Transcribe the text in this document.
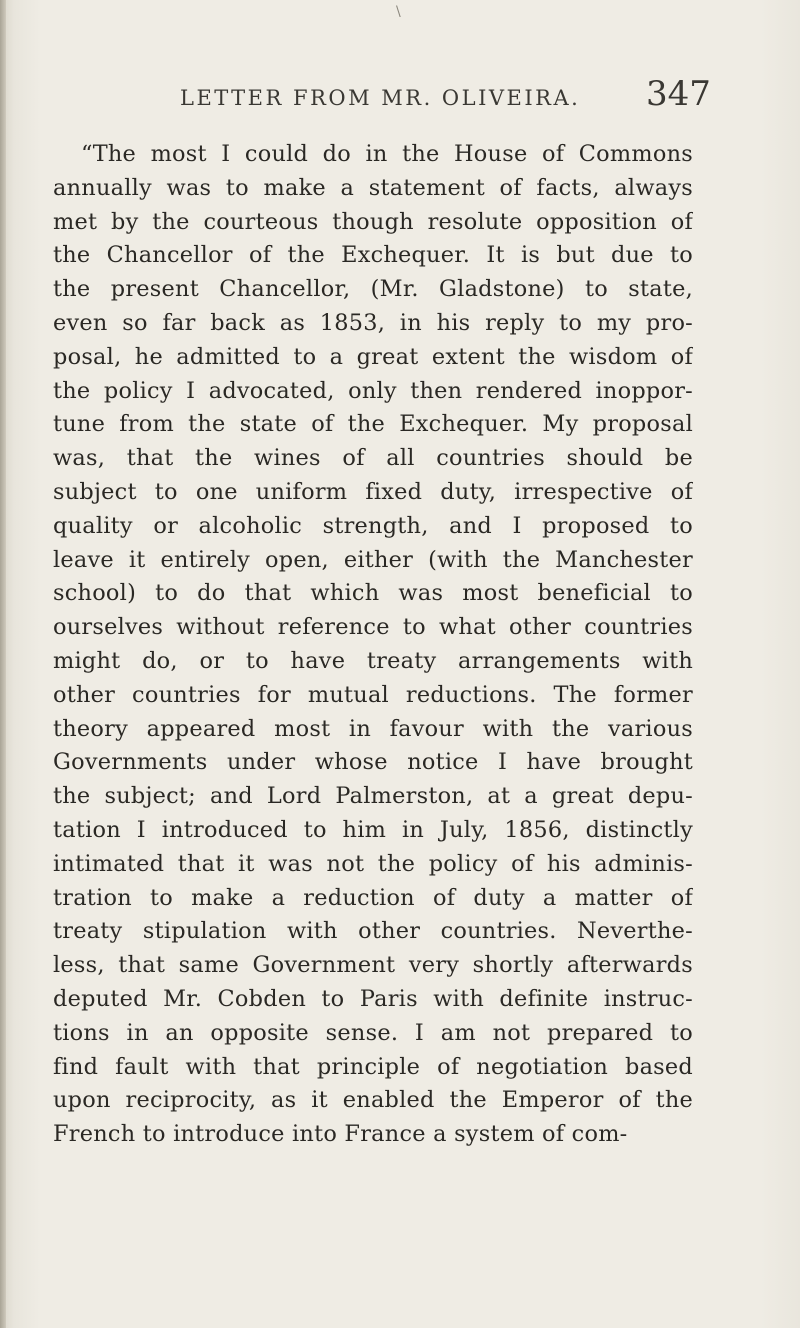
\
LETTER FROM MR. OLIVEIRA. 347
“The most I could do in the House of Commons
annually was to make a statement of facts, always
met by the courteous though resolute opposition of
the Chancellor of the Exchequer. It is but due to
the present Chancellor, (Mr. Gladstone) to state,
even so far back as 1853, in his reply to my pro-
posal, he admitted to a great extent the wisdom of
the policy I advocated, only then rendered inoppor-
tune from the state of the Exchequer. My proposal
was, that the wines of all countries should be
subject to one uniform fixed duty, irrespective of
quality or alcoholic strength, and I proposed to
leave it entirely open, either (with the Manchester
school) to do that which was most beneficial to
ourselves without reference to what other countries
might do, or to have treaty arrangements with
other countries for mutual reductions. The former
theory appeared most in favour with the various
Governments under whose notice I have brought
the subject; and Lord Palmerston, at a great depu-
tation I introduced to him in July, 1856, distinctly
intimated that it was not the policy of his adminis-
tration to make a reduction of duty a matter of
treaty stipulation with other countries. Neverthe-
less, that same Government very shortly afterwards
deputed Mr. Cobden to Paris with definite instruc-
tions in an opposite sense. I am not prepared to
find fault with that principle of negotiation based
upon reciprocity, as it enabled the Emperor of the
French to introduce into France a system of com-
